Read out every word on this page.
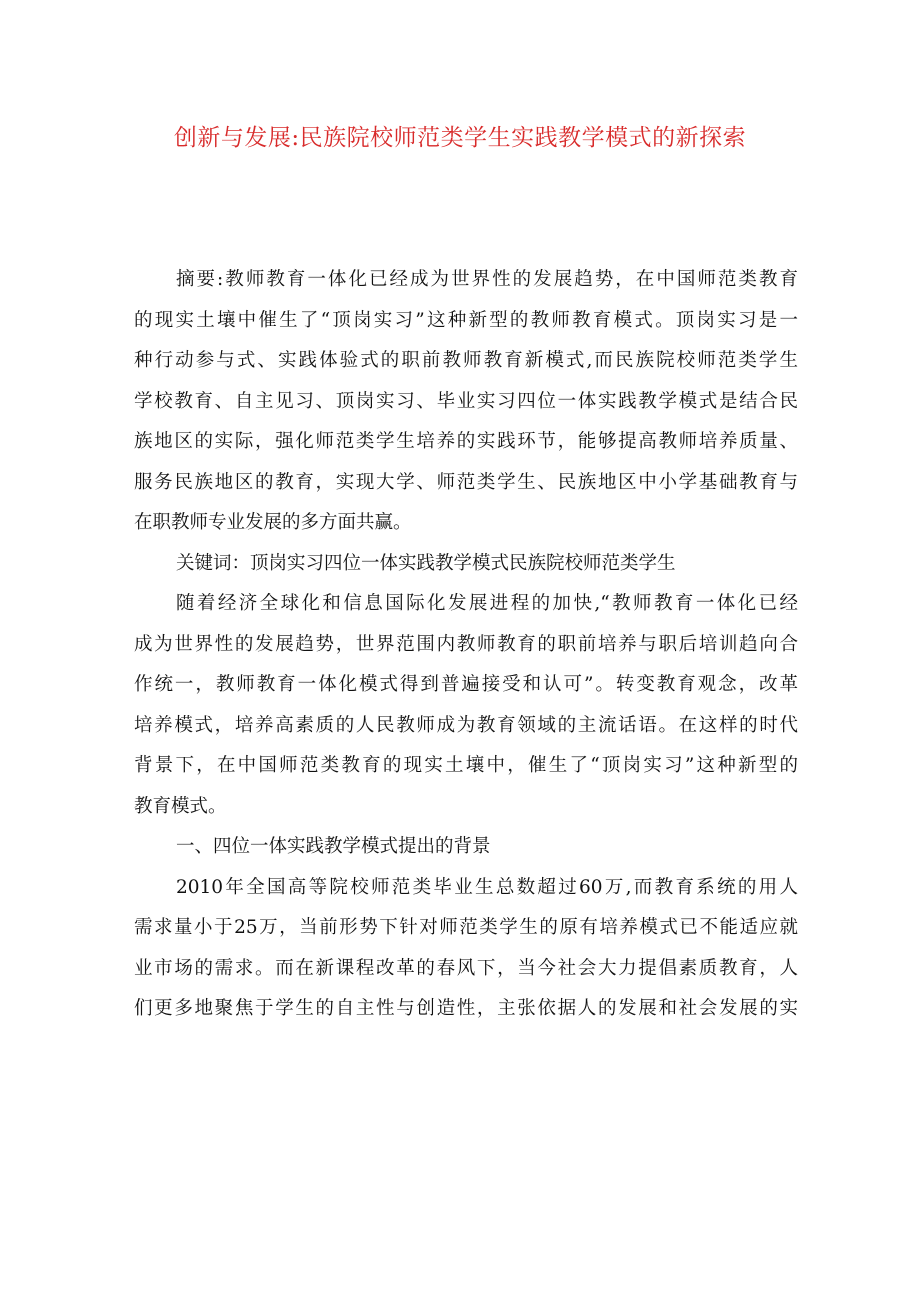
创新与发展:民族院校师范类学生实践教学模式的新探索
摘要:教师教育一体化已经成为世界性的发展趋势，在中国师范类教育
的现实土壤中催生了“顶岗实习”这种新型的教师教育模式。顶岗实习是一
种行动参与式、实践体验式的职前教师教育新模式,而民族院校师范类学生
学校教育、自主见习、顶岗实习、毕业实习四位一体实践教学模式是结合民
族地区的实际，强化师范类学生培养的实践环节，能够提高教师培养质量、
服务民族地区的教育，实现大学、师范类学生、民族地区中小学基础教育与
在职教师专业发展的多方面共赢。
关键词：顶岗实习四位一体实践教学模式民族院校师范类学生
随着经济全球化和信息国际化发展进程的加快,“教师教育一体化已经
成为世界性的发展趋势，世界范围内教师教育的职前培养与职后培训趋向合
作统一，教师教育一体化模式得到普遍接受和认可”。转变教育观念，改革
培养模式，培养高素质的人民教师成为教育领域的主流话语。在这样的时代
背景下，在中国师范类教育的现实土壤中，催生了“顶岗实习”这种新型的
教育模式。
一、四位一体实践教学模式提出的背景
2010年全国高等院校师范类毕业生总数超过60万,而教育系统的用人
需求量小于25万，当前形势下针对师范类学生的原有培养模式已不能适应就
业市场的需求。而在新课程改革的春风下，当今社会大力提倡素质教育，人
们更多地聚焦于学生的自主性与创造性，主张依据人的发展和社会发展的实
